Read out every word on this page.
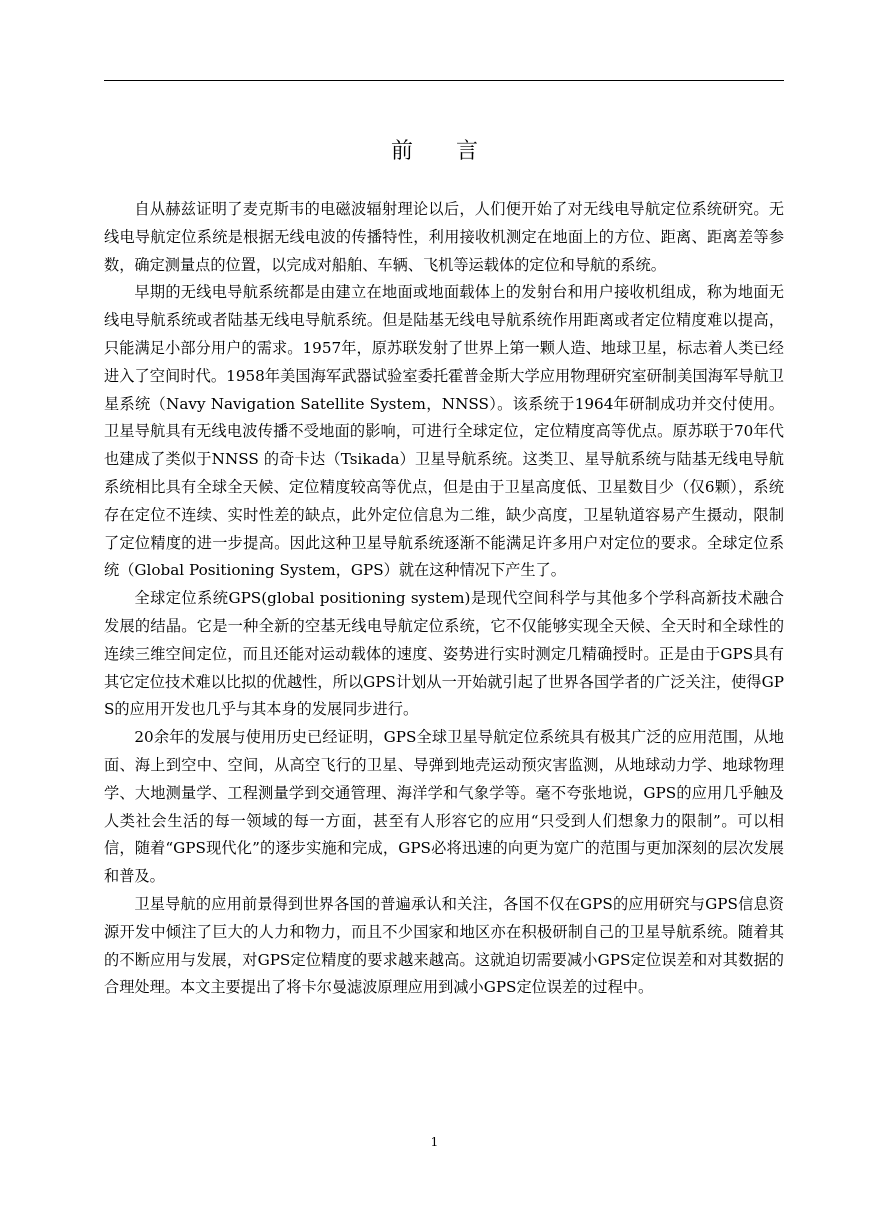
前 言

自从赫兹证明了麦克斯韦的电磁波辐射理论以后，人们便开始了对无线电导航定位系统研究。无线电导航定位系统是根据无线电波的传播特性，利用接收机测定在地面上的方位、距离、距离差等参数，确定测量点的位置，以完成对船舶、车辆、飞机等运载体的定位和导航的系统。

早期的无线电导航系统都是由建立在地面或地面载体上的发射台和用户接收机组成，称为地面无线电导航系统或者陆基无线电导航系统。但是陆基无线电导航系统作用距离或者定位精度难以提高，只能满足小部分用户的需求。1957年，原苏联发射了世界上第一颗人造、地球卫星，标志着人类已经进入了空间时代。1958年美国海军武器试验室委托霍普金斯大学应用物理研究室研制美国海军导航卫星系统（Navy Navigation Satellite System，NNSS）。该系统于1964年研制成功并交付使用。卫星导航具有无线电波传播不受地面的影响，可进行全球定位，定位精度高等优点。原苏联于70年代也建成了类似于NNSS 的奇卡达（Tsikada）卫星导航系统。这类卫、星导航系统与陆基无线电导航系统相比具有全球全天候、定位精度较高等优点，但是由于卫星高度低、卫星数目少（仅6颗），系统存在定位不连续、实时性差的缺点，此外定位信息为二维，缺少高度，卫星轨道容易产生摄动，限制了定位精度的进一步提高。因此这种卫星导航系统逐渐不能满足许多用户对定位的要求。全球定位系统（Global Positioning System，GPS）就在这种情况下产生了。

全球定位系统GPS(global positioning system)是现代空间科学与其他多个学科高新技术融合发展的结晶。它是一种全新的空基无线电导航定位系统，它不仅能够实现全天候、全天时和全球性的连续三维空间定位，而且还能对运动载体的速度、姿势进行实时测定几精确授时。正是由于GPS具有其它定位技术难以比拟的优越性，所以GPS计划从一开始就引起了世界各国学者的广泛关注，使得GPS的应用开发也几乎与其本身的发展同步进行。

20余年的发展与使用历史已经证明，GPS全球卫星导航定位系统具有极其广泛的应用范围，从地面、海上到空中、空间，从高空飞行的卫星、导弹到地壳运动预灾害监测，从地球动力学、地球物理学、大地测量学、工程测量学到交通管理、海洋学和气象学等。毫不夸张地说，GPS的应用几乎触及人类社会生活的每一领域的每一方面，甚至有人形容它的应用“只受到人们想象力的限制”。可以相信，随着“GPS现代化”的逐步实施和完成，GPS必将迅速的向更为宽广的范围与更加深刻的层次发展和普及。

卫星导航的应用前景得到世界各国的普遍承认和关注，各国不仅在GPS的应用研究与GPS信息资源开发中倾注了巨大的人力和物力，而且不少国家和地区亦在积极研制自己的卫星导航系统。随着其的不断应用与发展，对GPS定位精度的要求越来越高。这就迫切需要减小GPS定位误差和对其数据的合理处理。本文主要提出了将卡尔曼滤波原理应用到减小GPS定位误差的过程中。

1
